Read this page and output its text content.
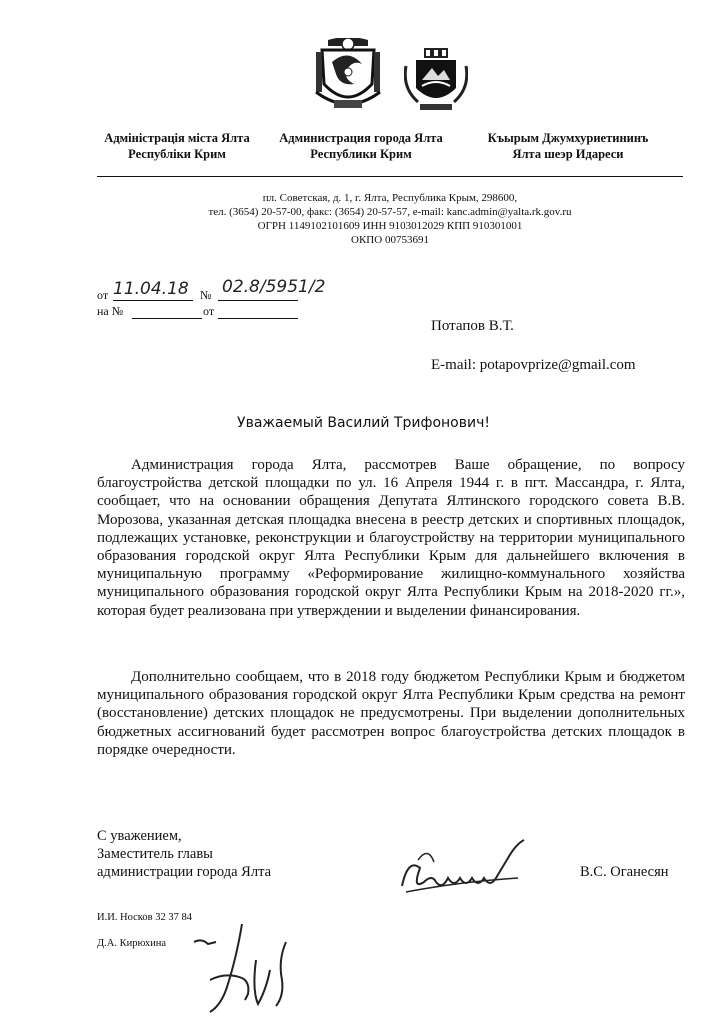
Адміністрація міста Ялта
Республіки Крим
Администрация города Ялта
Республики Крим
Къырым Джумхуриетининъ
Ялта шеэр Идареси
пл. Советская, д. 1, г. Ялта, Республика Крым, 298600,
тел. (3654) 20-57-00, факс: (3654) 20-57-57, e-mail: kanc.admin@yalta.rk.gov.ru
ОГРН 1149102101609 ИНН 9103012029 КПП 910301001
ОКПО 00753691
от 11.04.18 № 02.8/5951/2
на №	от
Потапов В.Т.
E-mail: potapovprize@gmail.com
Уважаемый Василий Трифонович!

Администрация города Ялта, рассмотрев Ваше обращение, по вопросу благоустройства детской площадки по ул. 16 Апреля 1944 г. в пгт. Массандра, г. Ялта, сообщает, что на основании обращения Депутата Ялтинского городского совета В.В. Морозова, указанная детская площадка внесена в реестр детских и спортивных площадок, подлежащих установке, реконструкции и благоустройству на территории муниципального образования городской округ Ялта Республики Крым для дальнейшего включения в муниципальную программу «Реформирование жилищно-коммунального хозяйства муниципального образования городской округ Ялта Республики Крым на 2018-2020 гг.», которая будет реализована при утверждении и выделении финансирования.

Дополнительно сообщаем, что в 2018 году бюджетом Республики Крым и бюджетом муниципального образования городской округ Ялта Республики Крым средства на ремонт (восстановление) детских площадок не предусмотрены. При выделении дополнительных бюджетных ассигнований будет рассмотрен вопрос благоустройства детских площадок в порядке очередности.

С уважением,
Заместитель главы
администрации города Ялта	В.С. Оганесян
И.И. Носков 32 37 84
Д.А. Кирюхина
